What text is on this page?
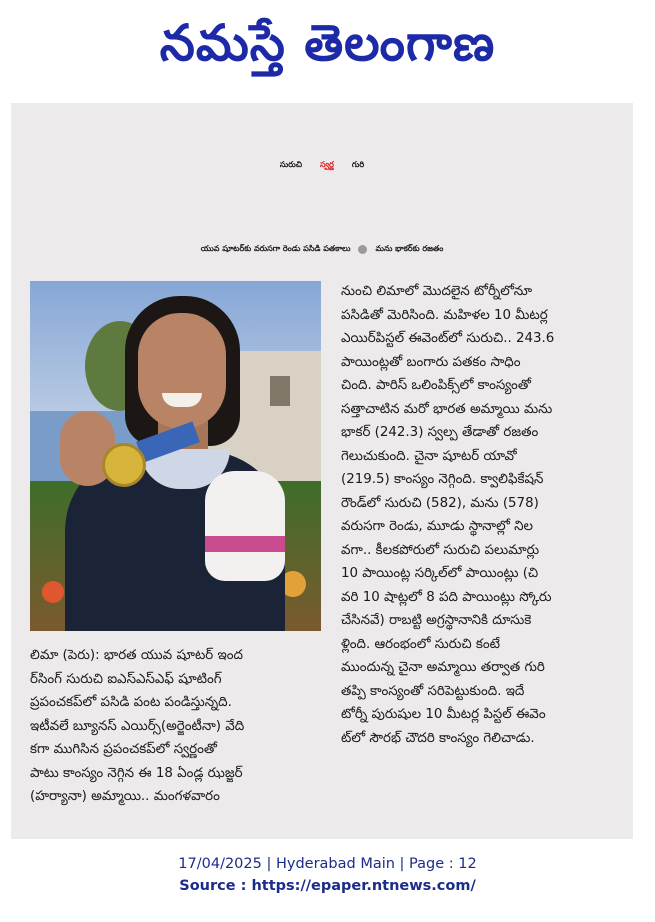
నమస్తే తెలంగాణ
సురుచి స్వర్ణ గురి
యువ షూటర్‌కు వరుసగా రెండు పసిడి పతకాలు	మను భాకర్‌కు రజతం
నుంచి లిమాలో మొదలైన టోర్నీలోనూ
పసిడితో మెరిసింది. మహిళల 10 మీటర్ల
ఎయిర్‌పిస్టల్ ఈవెంట్‌లో సురుచి.. 243.6
పాయింట్లతో బంగారు పతకం సాధిం
చింది. పారిస్ ఒలింపిక్స్‌లో కాంస్యంతో
సత్తాచాటిన మరో భారత అమ్మాయి మను
భాకర్ (242.3) స్వల్ప తేడాతో రజతం
గెలుచుకుంది. చైనా షూటర్ యావో
(219.5) కాంస్యం నెగ్గింది. క్వాలిఫికేషన్
రౌండ్‌లో సురుచి (582), మను (578)
వరుసగా రెండు, మూడు స్థానాల్లో నిల
వగా.. కీలకపోరులో సురుచి పలుమార్లు
10 పాయింట్ల సర్కిల్‌లో పాయింట్లు (చి
వరి 10 షాట్లలో 8 పది పాయింట్లు స్కోరు
చేసినవే) రాబట్టి అగ్రస్థానానికి దూసుకె
ళ్లింది. ఆరంభంలో సురుచి కంటే
ముందున్న చైనా అమ్మాయి తర్వాత గురి
తప్పి కాంస్యంతో సరిపెట్టుకుంది. ఇదే
టోర్నీ పురుషుల 10 మీటర్ల పిస్టల్ ఈవెం
ట్‌లో సౌరభ్ చౌదరి కాంస్యం గెలిచాడు.
లిమా (పెరు): భారత యువ షూటర్ ఇంద
ర్‌సింగ్ సురుచి ఐఎస్‌ఎస్‌ఎఫ్ షూటింగ్
ప్రపంచకప్‌లో పసిడి పంట పండిస్తున్నది.
ఇటీవలే బ్యూనస్ ఎయిర్స్(అర్జెంటీనా) వేది
కగా ముగిసిన ప్రపంచకప్‌లో స్వర్ణంతో
పాటు కాంస్యం నెగ్గిన ఈ 18 ఏండ్ల ఝజ్జర్
(హర్యానా) అమ్మాయి.. మంగళవారం
17/04/2025 | Hyderabad Main | Page : 12
Source : https://epaper.ntnews.com/
